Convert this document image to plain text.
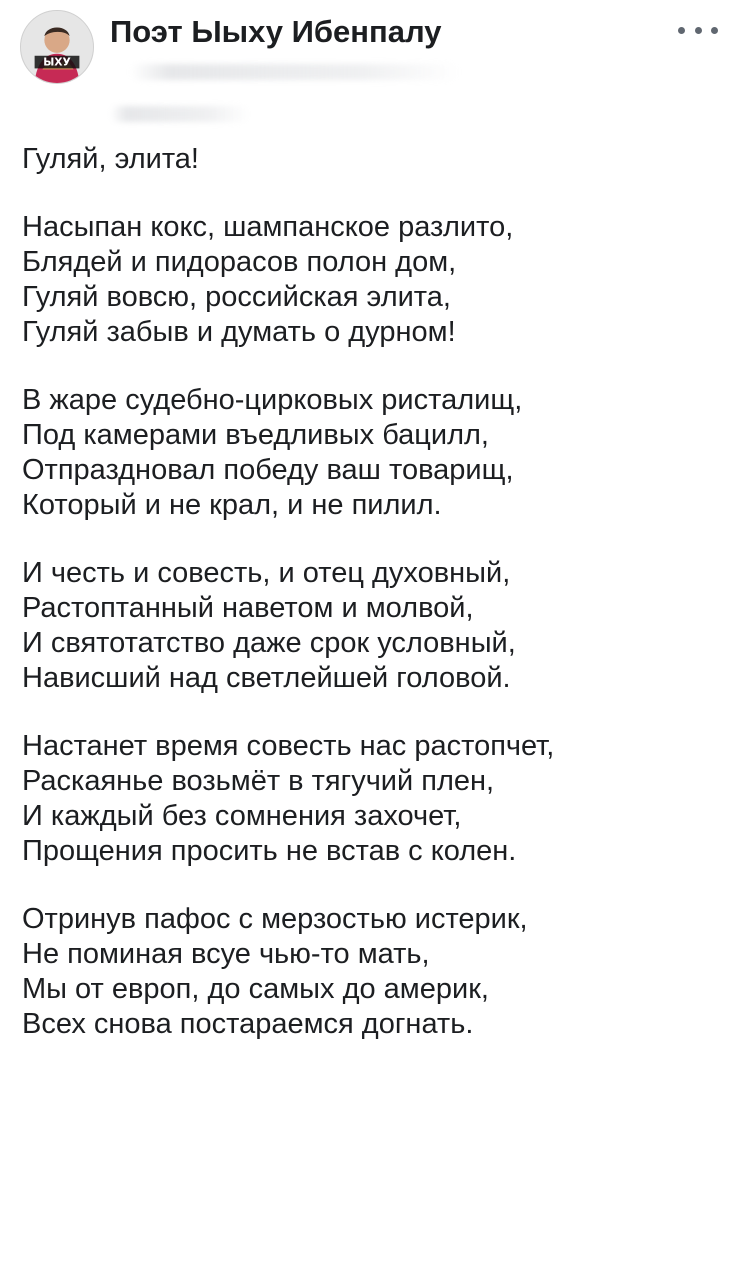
ЫХУ
Поэт Ыыху Ибенпалу
Гуляй, элита!
Насыпан кокс, шампанское разлито,
Блядей и пидорасов полон дом,
Гуляй вовсю, российская элита,
Гуляй забыв и думать о дурном!
В жаре судебно-цирковых ристалищ,
Под камерами въедливых бацилл,
Отпраздновал победу ваш товарищ,
Который и не крал, и не пилил.
И честь и совесть, и отец духовный,
Растоптанный наветом и молвой,
И святотатство даже срок условный,
Нависший над светлейшей головой.
Настанет время совесть нас растопчет,
Раскаянье возьмёт в тягучий плен,
И каждый без сомнения захочет,
Прощения просить не встав с колен.
Отринув пафос с мерзостью истерик,
Не поминая всуе чью-то мать,
Мы от европ, до самых до америк,
Всех снова постараемся догнать.
